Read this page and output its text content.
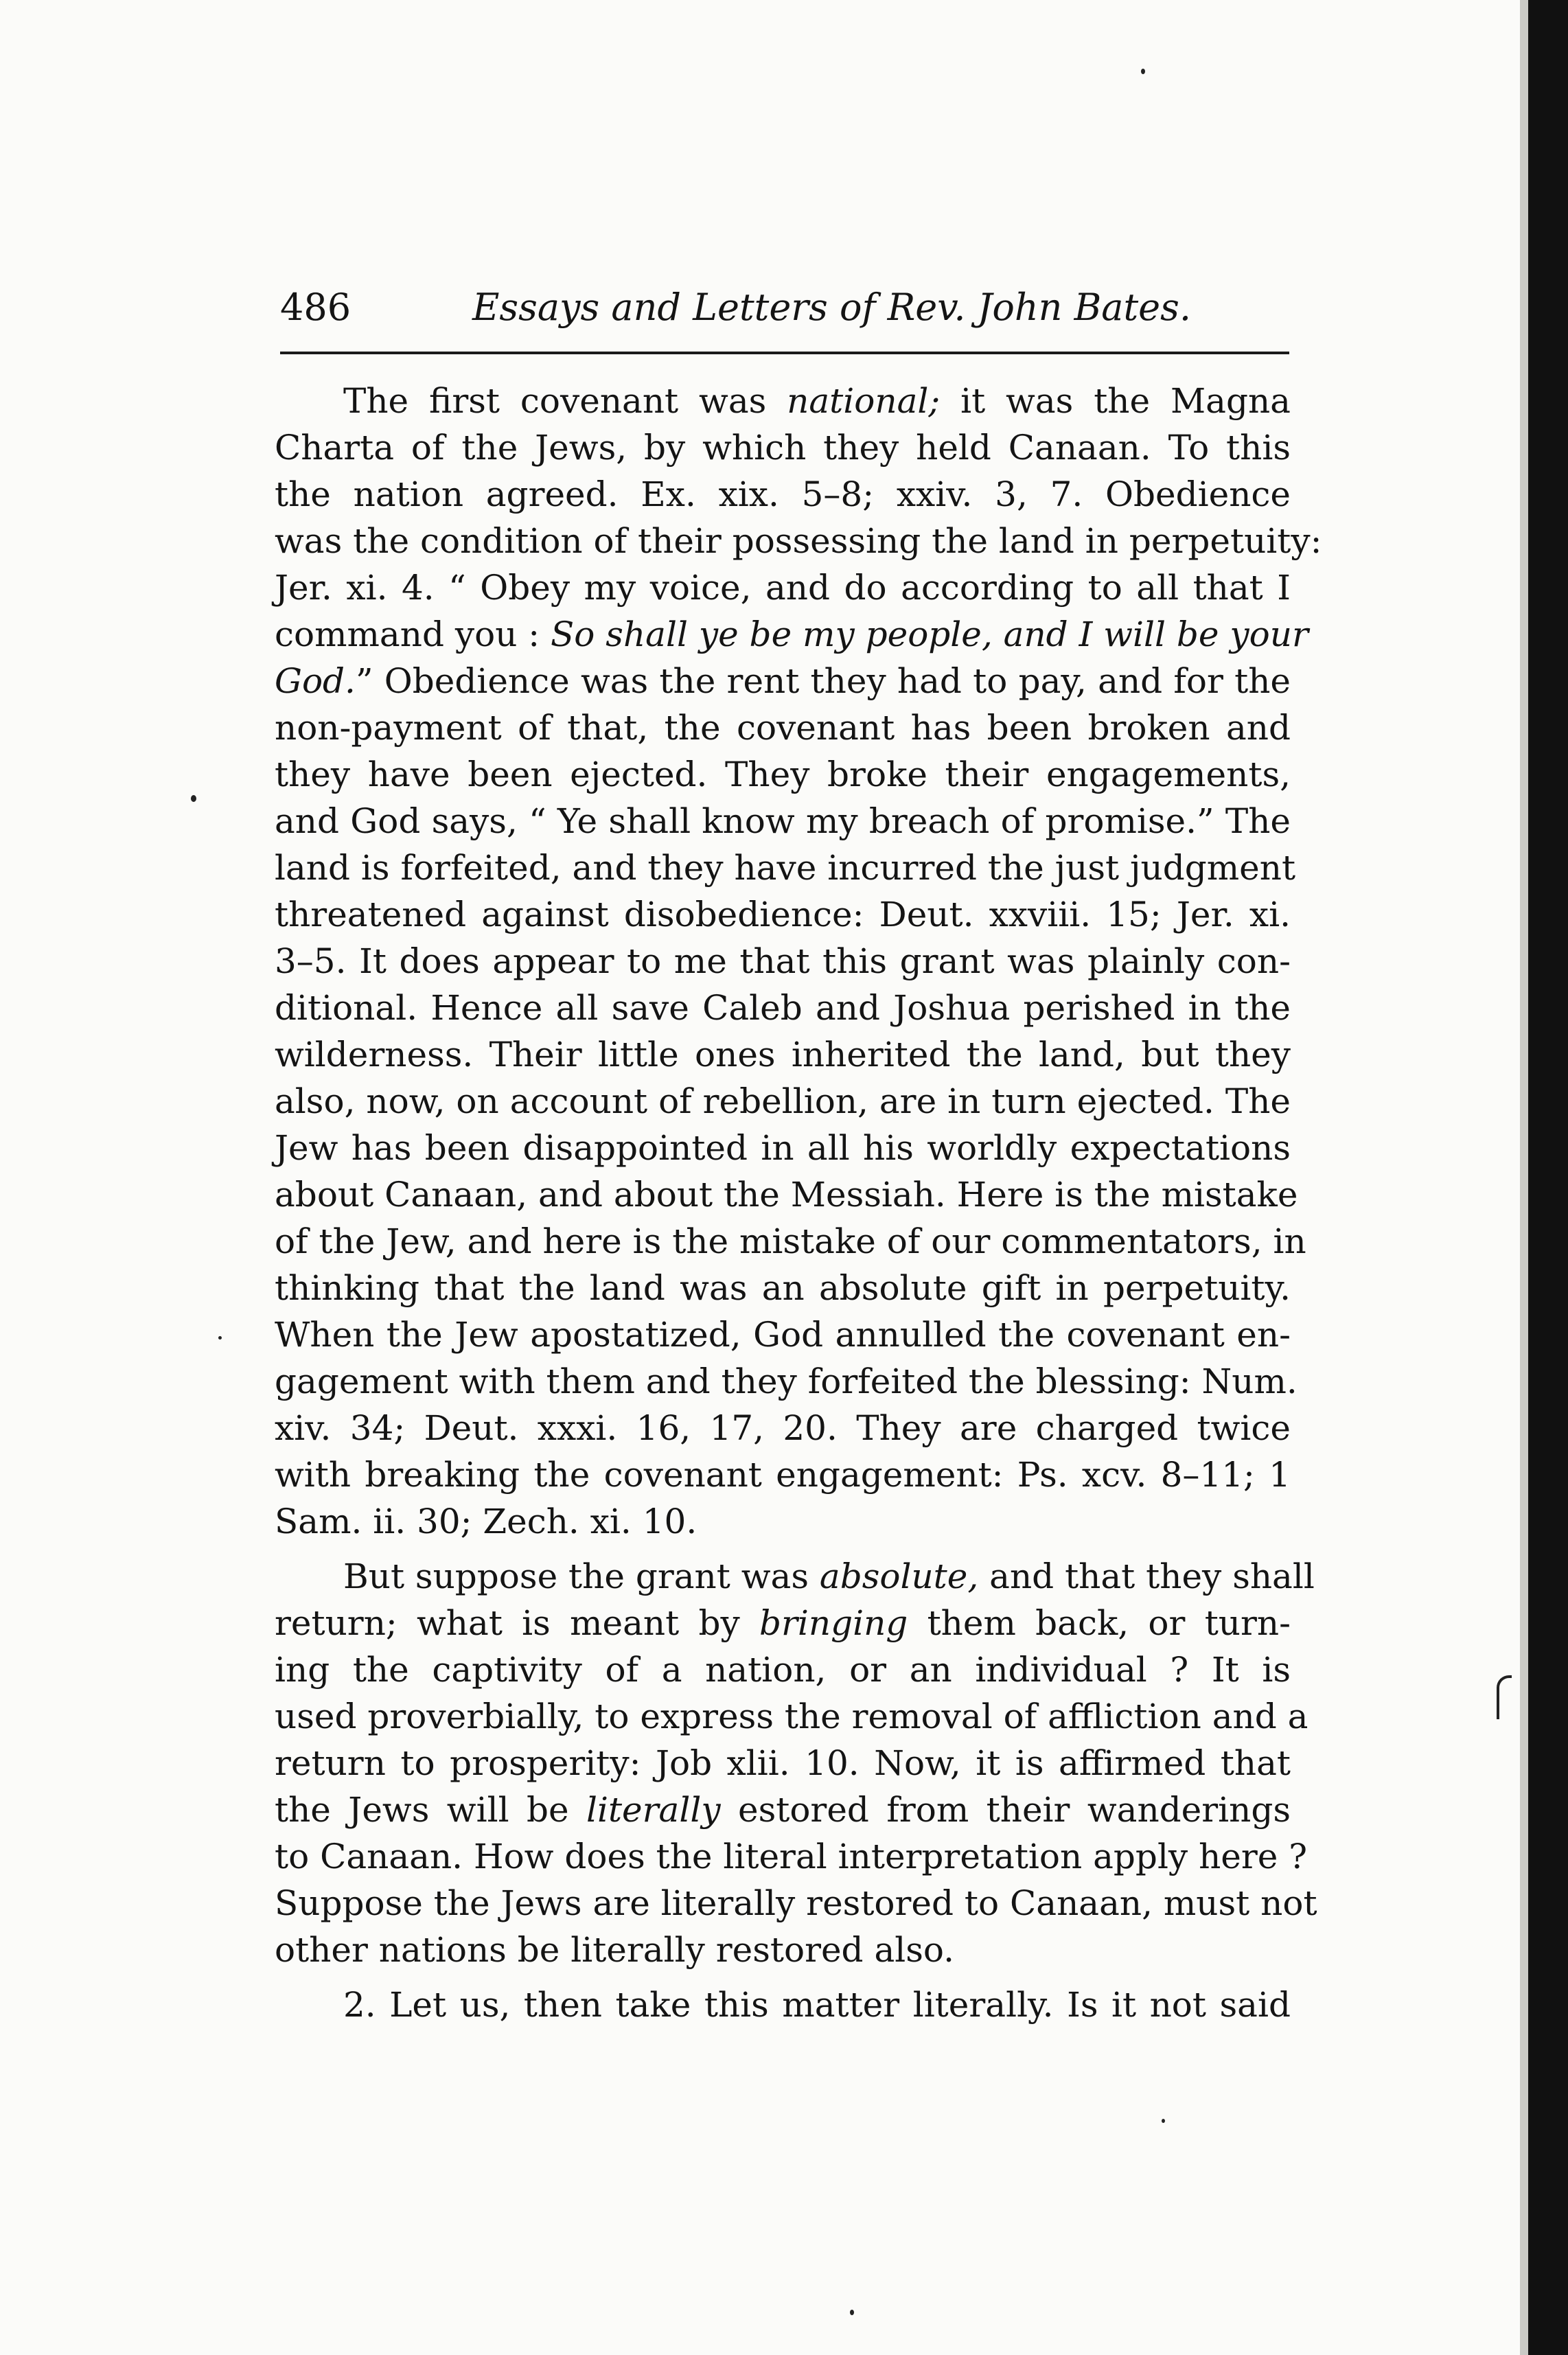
486	Essays and Letters of Rev. John Bates.
The first covenant was national; it was the Magna
Charta of the Jews, by which they held Canaan. To this
the nation agreed. Ex. xix. 5–8; xxiv. 3, 7. Obedience
was the condition of their possessing the land in perpetuity:
Jer. xi. 4. “ Obey my voice, and do according to all that I
command you : So shall ye be my people, and I will be your
God.” Obedience was the rent they had to pay, and for the
non-payment of that, the covenant has been broken and
they have been ejected. They broke their engagements,
and God says, “ Ye shall know my breach of promise.” The
land is forfeited, and they have incurred the just judgment
threatened against disobedience: Deut. xxviii. 15; Jer. xi.
3–5. It does appear to me that this grant was plainly con-
ditional. Hence all save Caleb and Joshua perished in the
wilderness. Their little ones inherited the land, but they
also, now, on account of rebellion, are in turn ejected. The
Jew has been disappointed in all his worldly expectations
about Canaan, and about the Messiah. Here is the mistake
of the Jew, and here is the mistake of our commentators, in
thinking that the land was an absolute gift in perpetuity.
When the Jew apostatized, God annulled the covenant en-
gagement with them and they forfeited the blessing: Num.
xiv. 34; Deut. xxxi. 16, 17, 20. They are charged twice
with breaking the covenant engagement: Ps. xcv. 8–11; 1
Sam. ii. 30; Zech. xi. 10.
But suppose the grant was absolute, and that they shall
return; what is meant by bringing them back, or turn-
ing the captivity of a nation, or an individual ? It is
used proverbially, to express the removal of affliction and a
return to prosperity: Job xlii. 10. Now, it is affirmed that
the Jews will be literally estored from their wanderings
to Canaan. How does the literal interpretation apply here ?
Suppose the Jews are literally restored to Canaan, must not
other nations be literally restored also.
2. Let us, then take this matter literally. Is it not said
